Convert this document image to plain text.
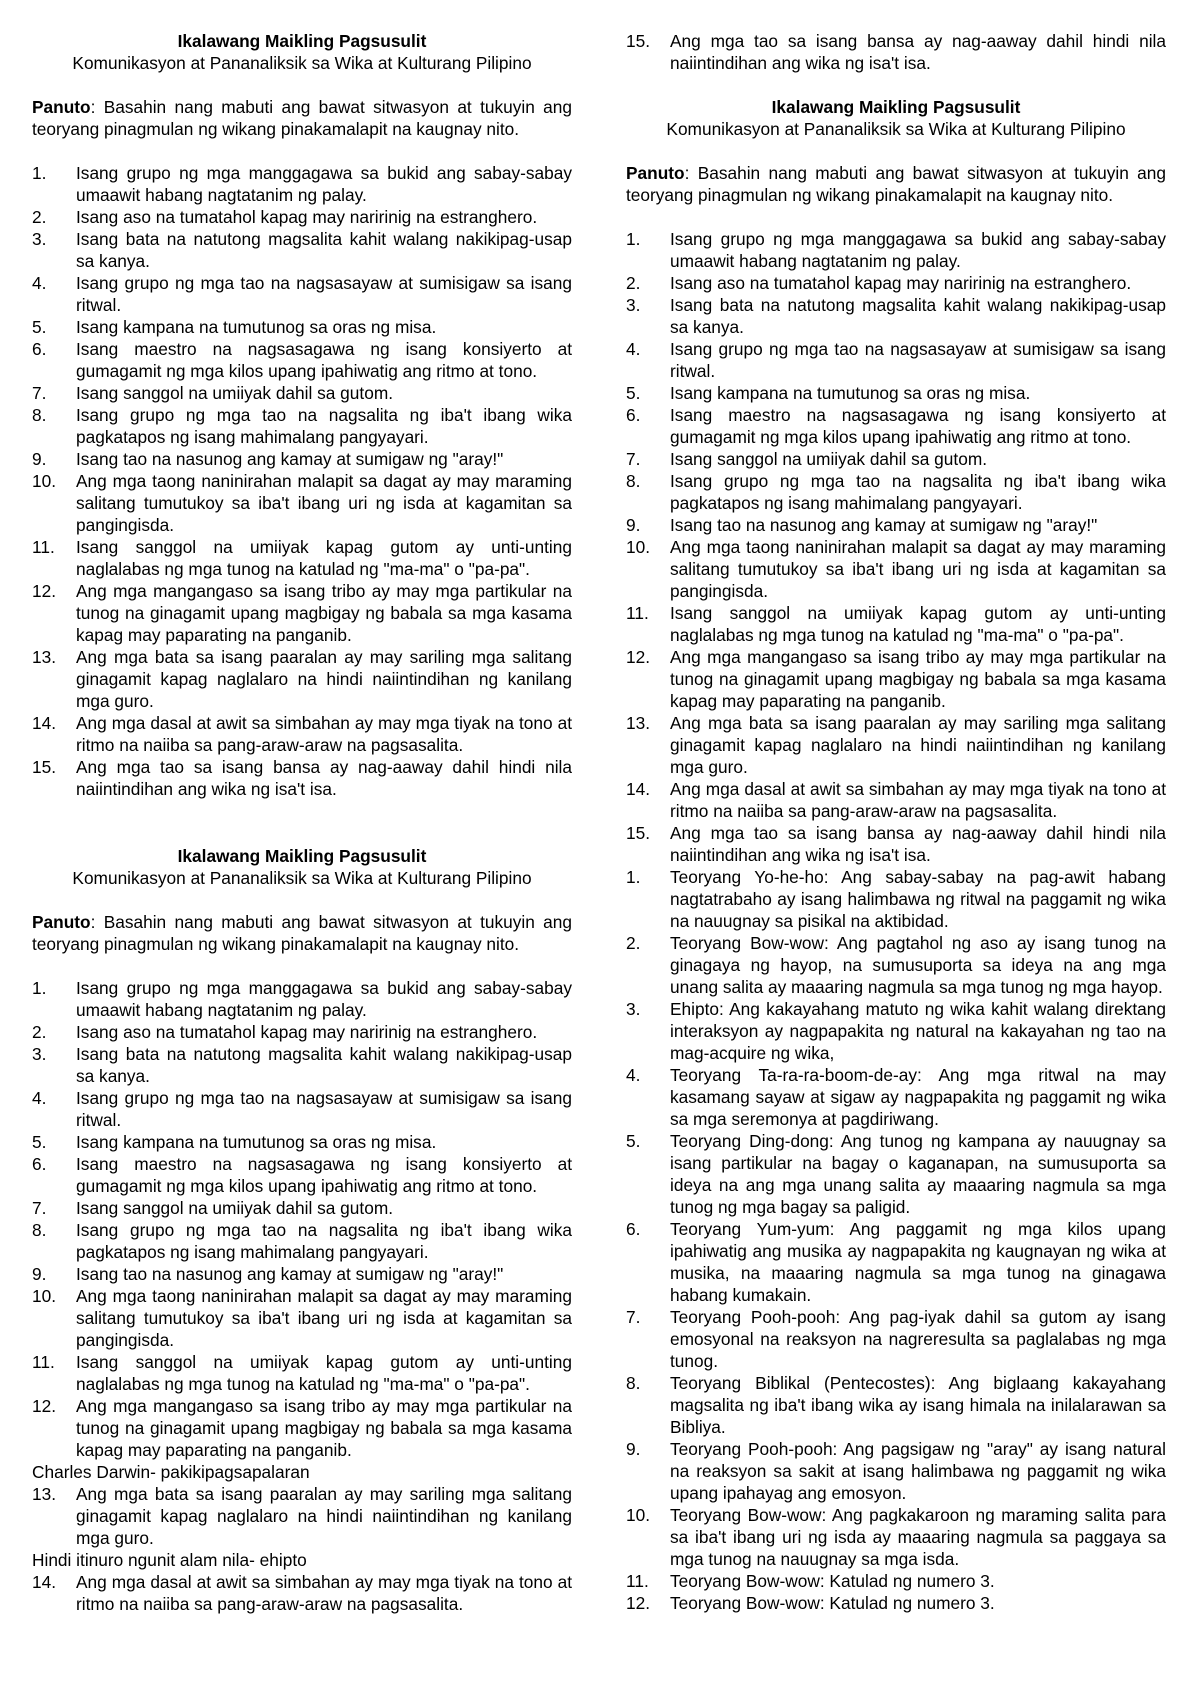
Ikalawang Maikling Pagsusulit

Komunikasyon at Pananaliksik sa Wika at Kulturang Pilipino

Panuto: Basahin nang mabuti ang bawat sitwasyon at tukuyin ang teoryang pinagmulan ng wikang pinakamalapit na kaugnay nito.

1.	Isang grupo ng mga manggagawa sa bukid ang sabay-sabay umaawit habang nagtatanim ng palay.
2.	Isang aso na tumatahol kapag may naririnig na estranghero.
3.	Isang bata na natutong magsalita kahit walang nakikipag-usap sa kanya.
4.	Isang grupo ng mga tao na nagsasayaw at sumisigaw sa isang ritwal.
5.	Isang kampana na tumutunog sa oras ng misa.
6.	Isang maestro na nagsasagawa ng isang konsiyerto at gumagamit ng mga kilos upang ipahiwatig ang ritmo at tono.
7.	Isang sanggol na umiiyak dahil sa gutom.
8.	Isang grupo ng mga tao na nagsalita ng iba't ibang wika pagkatapos ng isang mahimalang pangyayari.
9.	Isang tao na nasunog ang kamay at sumigaw ng "aray!"
10.	Ang mga taong naninirahan malapit sa dagat ay may maraming salitang tumutukoy sa iba't ibang uri ng isda at kagamitan sa pangingisda.
11.	Isang sanggol na umiiyak kapag gutom ay unti-unting naglalabas ng mga tunog na katulad ng "ma-ma" o "pa-pa".
12.	Ang mga mangangaso sa isang tribo ay may mga partikular na tunog na ginagamit upang magbigay ng babala sa mga kasama kapag may paparating na panganib.
13.	Ang mga bata sa isang paaralan ay may sariling mga salitang ginagamit kapag naglalaro na hindi naiintindihan ng kanilang mga guro.
14.	Ang mga dasal at awit sa simbahan ay may mga tiyak na tono at ritmo na naiiba sa pang-araw-araw na pagsasalita.
15.	Ang mga tao sa isang bansa ay nag-aaway dahil hindi nila naiintindihan ang wika ng isa't isa.

Ikalawang Maikling Pagsusulit

Komunikasyon at Pananaliksik sa Wika at Kulturang Pilipino

Panuto: Basahin nang mabuti ang bawat sitwasyon at tukuyin ang teoryang pinagmulan ng wikang pinakamalapit na kaugnay nito.

1.	Isang grupo ng mga manggagawa sa bukid ang sabay-sabay umaawit habang nagtatanim ng palay.
2.	Isang aso na tumatahol kapag may naririnig na estranghero.
3.	Isang bata na natutong magsalita kahit walang nakikipag-usap sa kanya.
4.	Isang grupo ng mga tao na nagsasayaw at sumisigaw sa isang ritwal.
5.	Isang kampana na tumutunog sa oras ng misa.
6.	Isang maestro na nagsasagawa ng isang konsiyerto at gumagamit ng mga kilos upang ipahiwatig ang ritmo at tono.
7.	Isang sanggol na umiiyak dahil sa gutom.
8.	Isang grupo ng mga tao na nagsalita ng iba't ibang wika pagkatapos ng isang mahimalang pangyayari.
9.	Isang tao na nasunog ang kamay at sumigaw ng "aray!"
10.	Ang mga taong naninirahan malapit sa dagat ay may maraming salitang tumutukoy sa iba't ibang uri ng isda at kagamitan sa pangingisda.
11.	Isang sanggol na umiiyak kapag gutom ay unti-unting naglalabas ng mga tunog na katulad ng "ma-ma" o "pa-pa".
12.	Ang mga mangangaso sa isang tribo ay may mga partikular na tunog na ginagamit upang magbigay ng babala sa mga kasama kapag may paparating na panganib.

Charles Darwin- pakikipagsapalaran

13.	Ang mga bata sa isang paaralan ay may sariling mga salitang ginagamit kapag naglalaro na hindi naiintindihan ng kanilang mga guro.

Hindi itinuro ngunit alam nila- ehipto

14.	Ang mga dasal at awit sa simbahan ay may mga tiyak na tono at ritmo na naiiba sa pang-araw-araw na pagsasalita.
15.	Ang mga tao sa isang bansa ay nag-aaway dahil hindi nila naiintindihan ang wika ng isa't isa.

Ikalawang Maikling Pagsusulit

Komunikasyon at Pananaliksik sa Wika at Kulturang Pilipino

Panuto: Basahin nang mabuti ang bawat sitwasyon at tukuyin ang teoryang pinagmulan ng wikang pinakamalapit na kaugnay nito.

1.	Isang grupo ng mga manggagawa sa bukid ang sabay-sabay umaawit habang nagtatanim ng palay.
2.	Isang aso na tumatahol kapag may naririnig na estranghero.
3.	Isang bata na natutong magsalita kahit walang nakikipag-usap sa kanya.
4.	Isang grupo ng mga tao na nagsasayaw at sumisigaw sa isang ritwal.
5.	Isang kampana na tumutunog sa oras ng misa.
6.	Isang maestro na nagsasagawa ng isang konsiyerto at gumagamit ng mga kilos upang ipahiwatig ang ritmo at tono.
7.	Isang sanggol na umiiyak dahil sa gutom.
8.	Isang grupo ng mga tao na nagsalita ng iba't ibang wika pagkatapos ng isang mahimalang pangyayari.
9.	Isang tao na nasunog ang kamay at sumigaw ng "aray!"
10.	Ang mga taong naninirahan malapit sa dagat ay may maraming salitang tumutukoy sa iba't ibang uri ng isda at kagamitan sa pangingisda.
11.	Isang sanggol na umiiyak kapag gutom ay unti-unting naglalabas ng mga tunog na katulad ng "ma-ma" o "pa-pa".
12.	Ang mga mangangaso sa isang tribo ay may mga partikular na tunog na ginagamit upang magbigay ng babala sa mga kasama kapag may paparating na panganib.
13.	Ang mga bata sa isang paaralan ay may sariling mga salitang ginagamit kapag naglalaro na hindi naiintindihan ng kanilang mga guro.
14.	Ang mga dasal at awit sa simbahan ay may mga tiyak na tono at ritmo na naiiba sa pang-araw-araw na pagsasalita.
15.	Ang mga tao sa isang bansa ay nag-aaway dahil hindi nila naiintindihan ang wika ng isa't isa.
1.	Teoryang Yo-he-ho: Ang sabay-sabay na pag-awit habang nagtatrabaho ay isang halimbawa ng ritwal na paggamit ng wika na nauugnay sa pisikal na aktibidad.
2.	Teoryang Bow-wow: Ang pagtahol ng aso ay isang tunog na ginagaya ng hayop, na sumusuporta sa ideya na ang mga unang salita ay maaaring nagmula sa mga tunog ng mga hayop.
3.	Ehipto: Ang kakayahang matuto ng wika kahit walang direktang interaksyon ay nagpapakita ng natural na kakayahan ng tao na mag-acquire ng wika,
4.	Teoryang Ta-ra-ra-boom-de-ay: Ang mga ritwal na may kasamang sayaw at sigaw ay nagpapakita ng paggamit ng wika sa mga seremonya at pagdiriwang.
5.	Teoryang Ding-dong: Ang tunog ng kampana ay nauugnay sa isang partikular na bagay o kaganapan, na sumusuporta sa ideya na ang mga unang salita ay maaaring nagmula sa mga tunog ng mga bagay sa paligid.
6.	Teoryang Yum-yum: Ang paggamit ng mga kilos upang ipahiwatig ang musika ay nagpapakita ng kaugnayan ng wika at musika, na maaaring nagmula sa mga tunog na ginagawa habang kumakain.
7.	Teoryang Pooh-pooh: Ang pag-iyak dahil sa gutom ay isang emosyonal na reaksyon na nagreresulta sa paglalabas ng mga tunog.
8.	Teoryang Biblikal (Pentecostes): Ang biglaang kakayahang magsalita ng iba't ibang wika ay isang himala na inilalarawan sa Bibliya.
9.	Teoryang Pooh-pooh: Ang pagsigaw ng "aray" ay isang natural na reaksyon sa sakit at isang halimbawa ng paggamit ng wika upang ipahayag ang emosyon.
10.	Teoryang Bow-wow: Ang pagkakaroon ng maraming salita para sa iba't ibang uri ng isda ay maaaring nagmula sa paggaya sa mga tunog na nauugnay sa mga isda.
11.	Teoryang Bow-wow: Katulad ng numero 3.
12.	Teoryang Bow-wow: Katulad ng numero 3.
